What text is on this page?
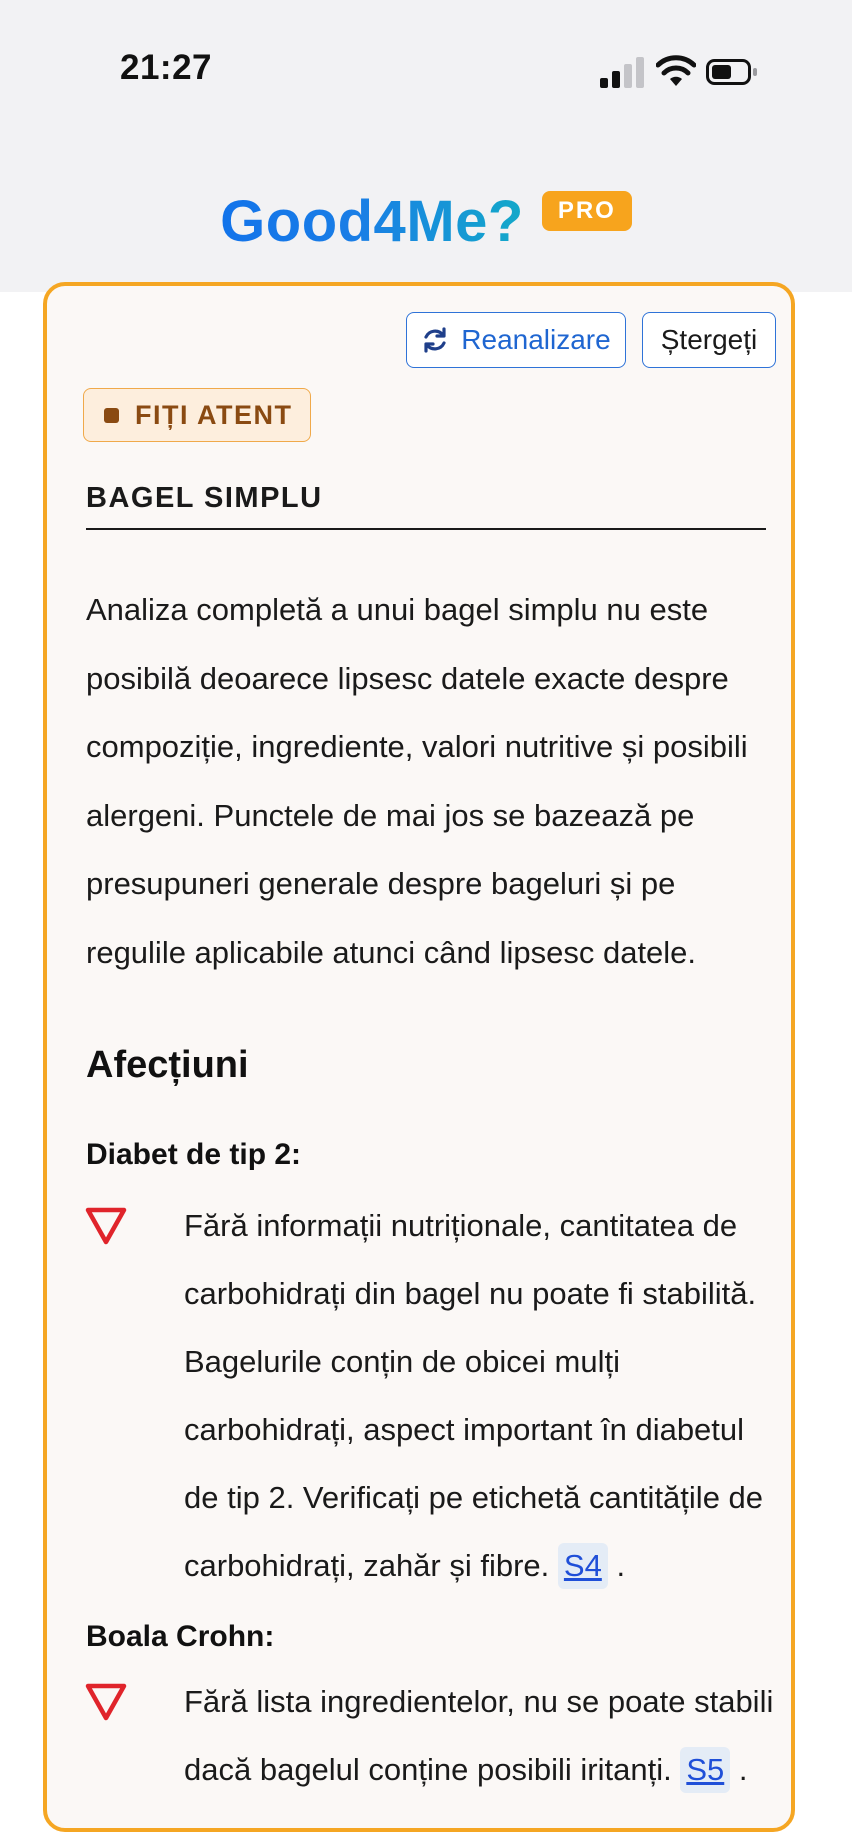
21:27
Good4Me? PRO
Reanalizare Ștergeți
FIȚI ATENT
BAGEL SIMPLU
Analiza completă a unui bagel simplu nu este posibilă deoarece lipsesc datele exacte despre compoziție, ingrediente, valori nutritive și posibili alergeni. Punctele de mai jos se bazează pe presupuneri generale despre bageluri și pe regulile aplicabile atunci când lipsesc datele.
Afecțiuni
Diabet de tip 2:
Fără informații nutriționale, cantitatea de carbohidrați din bagel nu poate fi stabilită. Bagelurile conțin de obicei mulți carbohidrați, aspect important în diabetul de tip 2. Verificați pe etichetă cantitățile de carbohidrați, zahăr și fibre. S4 .
Boala Crohn:
Fără lista ingredientelor, nu se poate stabili dacă bagelul conține posibili iritanți. S5 .
